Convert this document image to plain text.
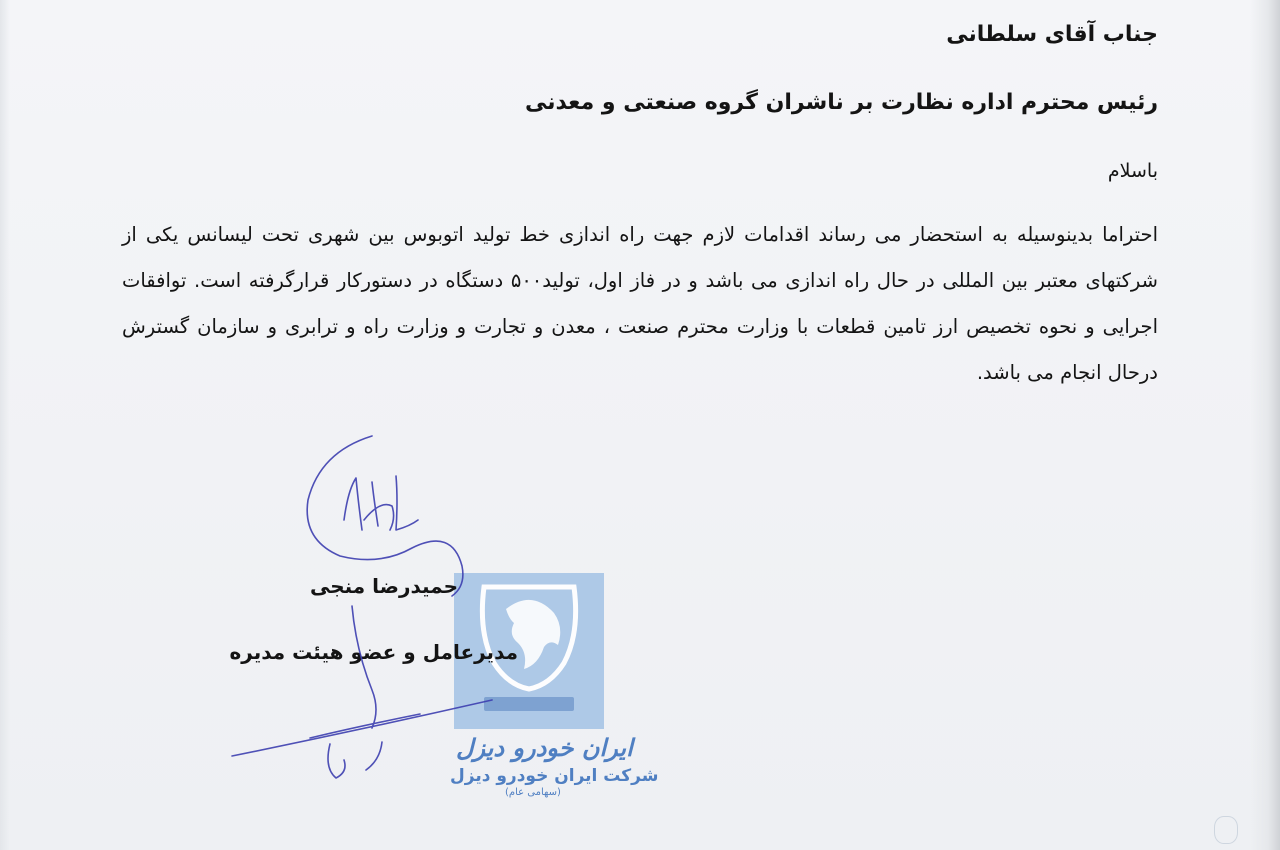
جناب آقای سلطانی
رئیس محترم اداره نظارت بر ناشران گروه صنعتی و معدنی
باسلام
احتراما بدینوسیله به استحضار می رساند اقدامات لازم جهت راه اندازی خط تولید اتوبوس بین شهری تحت لیسانس یکی از شرکتهای معتبر بین المللی در حال راه اندازی می باشد و در فاز اول، تولید۵۰۰ دستگاه در دستورکار قرارگرفته است. توافقات اجرایی و نحوه تخصیص ارز تامین قطعات با وزارت محترم صنعت ، معدن و تجارت و وزارت راه و ترابری و سازمان گسترش درحال انجام می باشد.
ایران خودرو دیزل
شرکت ایران خودرو دیزل
(سهامی عام)
حمیدرضا منجی
مدیرعامل و عضو هیئت مدیره
